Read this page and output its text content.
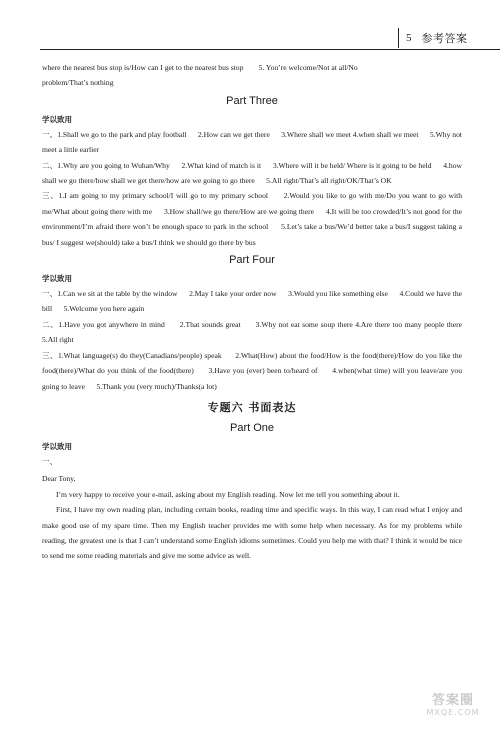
5 参考答案

where the nearest bus stop is/How can I get to the nearest bus stop        5. You’re welcome/Not at all/No

problem/That’s nothing

Part Three
学以致用

一、1.Shall we go to the park and play football      2.How can we get there      3.Where shall we meet 4.when shall we meet      5.Why not meet a little earlier

二、1.Why are you going to Wuhan/Why      2.What kind of match is it      3.Where will it be held/ Where is it going to be held      4.how shall we go there/how shall we get there/how are we going to go there      5.All right/That’s all right/OK/That’s OK

三、1.I am going to my primary school/I will go to my primary school      2.Would you like to go with me/Do you want to go with me/What about going there with me      3.How shall/we go there/How are we going there      4.It will be too crowded/It’s not good for the environment/I’m afraid there won’t be enough space to park in the school      5.Let’s take a bus/We’d better take a bus/I suggest taking a bus/ I suggest we(should) take a bus/I think we should go there by bus

Part Four
学以致用

一、1.Can we sit at the table by the window      2.May I take your order now      3.Would you like something else      4.Could we have the bill      5.Welcome you here again

二、1.Have you got anywhere in mind      2.That sounds great      3.Why not eat some soup there 4.Are there too many people there      5.All right

三、1.What language(s) do they(Canadians/people) speak      2.What(How) about the food/How is the food(there)/How do you like the food(there)/What do you think of the food(there)      3.Have you (ever) been to/heard of      4.when(what time) will you leave/are you going to leave      5.Thank you (very much)/Thanks(a lot)

专题六 书面表达
Part One
学以致用

一、

Dear Tony,

I’m very happy to receive your e-mail, asking about my English reading. Now let me tell you something about it.

First, I have my own reading plan, including certain books, reading time and specific ways. In this way, I can read what I enjoy and make good use of my spare time. Then my English teacher provides me with some help when necessary. As for my problems while reading, the greatest one is that I can’t understand some English idioms sometimes. Could you help me with that? I think it would be nice to send me some reading materials and give me some advice as well.

答案圈
MXQE.COM
